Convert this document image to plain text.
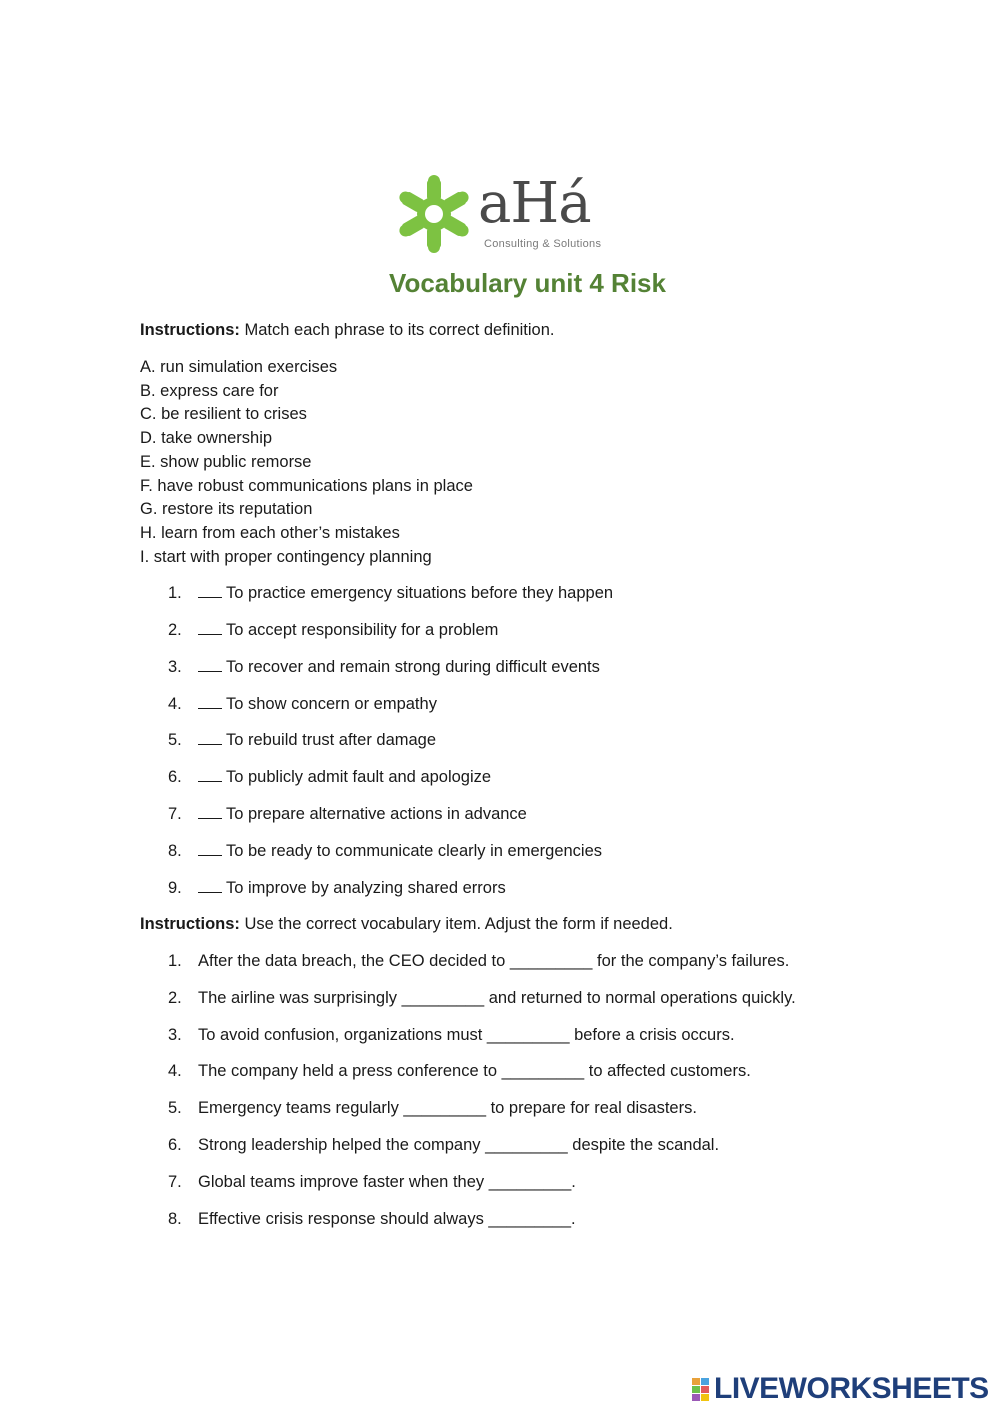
aHá
Consulting & Solutions
Vocabulary unit 4 Risk
Instructions: Match each phrase to its correct definition.
A. run simulation exercises
B. express care for
C. be resilient to crises
D. take ownership
E. show public remorse
F. have robust communications plans in place
G. restore its reputation
H. learn from each other’s mistakes
I. start with proper contingency planning
1.	To practice emergency situations before they happen
2.	To accept responsibility for a problem
3.	To recover and remain strong during difficult events
4.	To show concern or empathy
5.	To rebuild trust after damage
6.	To publicly admit fault and apologize
7.	To prepare alternative actions in advance
8.	To be ready to communicate clearly in emergencies
9.	To improve by analyzing shared errors
Instructions: Use the correct vocabulary item. Adjust the form if needed.
1. After the data breach, the CEO decided to _________ for the company’s failures.
2. The airline was surprisingly _________ and returned to normal operations quickly.
3. To avoid confusion, organizations must _________ before a crisis occurs.
4. The company held a press conference to _________ to affected customers.
5. Emergency teams regularly _________ to prepare for real disasters.
6. Strong leadership helped the company _________ despite the scandal.
7. Global teams improve faster when they _________.
8. Effective crisis response should always _________.
LIVEWORKSHEETS
